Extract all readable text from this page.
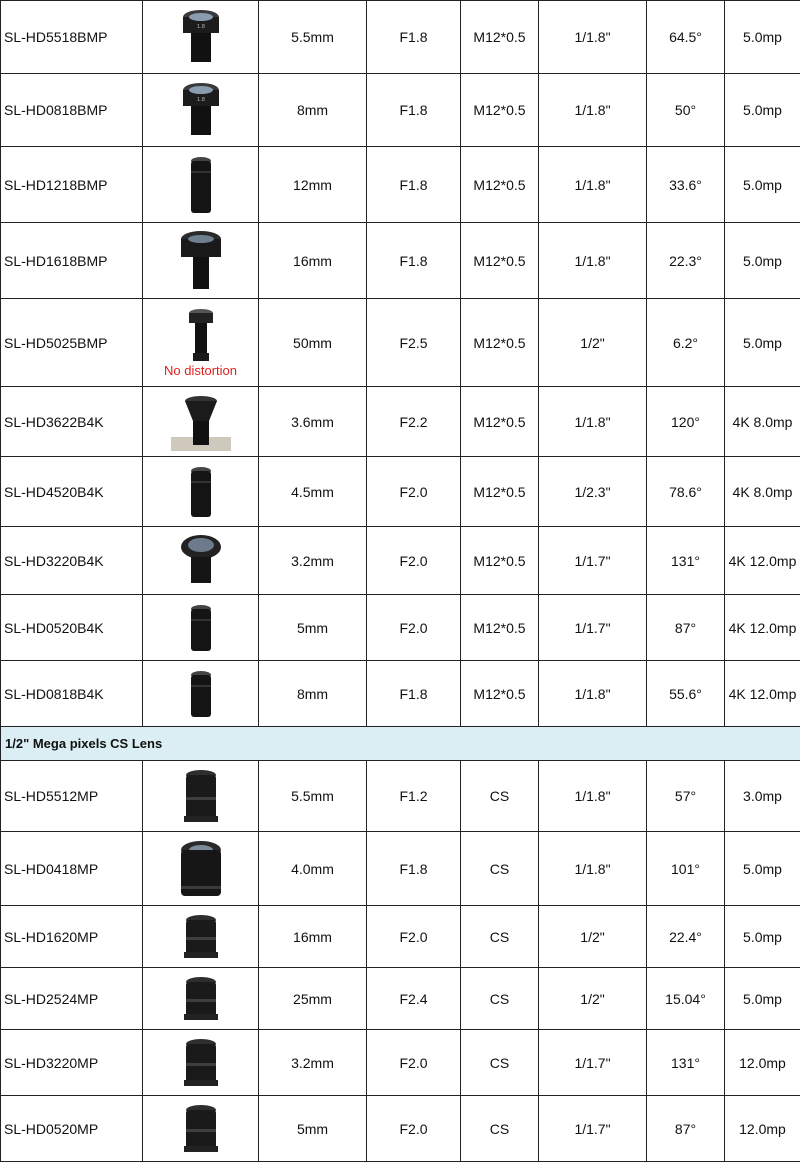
SL-HD5518BMP	1.8	5.5mm	F1.8	M12*0.5	1/1.8"	64.5°	5.0mp
SL-HD0818BMP	1.8	8mm	F1.8	M12*0.5	1/1.8"	50°	5.0mp
SL-HD1218BMP		12mm	F1.8	M12*0.5	1/1.8"	33.6°	5.0mp
SL-HD1618BMP		16mm	F1.8	M12*0.5	1/1.8"	22.3°	5.0mp
SL-HD5025BMP	No distortion	50mm	F2.5	M12*0.5	1/2"	6.2°	5.0mp
SL-HD3622B4K		3.6mm	F2.2	M12*0.5	1/1.8"	120°	4K 8.0mp
SL-HD4520B4K		4.5mm	F2.0	M12*0.5	1/2.3"	78.6°	4K 8.0mp
SL-HD3220B4K		3.2mm	F2.0	M12*0.5	1/1.7"	131°	4K 12.0mp
SL-HD0520B4K		5mm	F2.0	M12*0.5	1/1.7"	87°	4K 12.0mp
SL-HD0818B4K		8mm	F1.8	M12*0.5	1/1.8"	55.6°	4K 12.0mp
1/2" Mega pixels CS Lens							
SL-HD5512MP		5.5mm	F1.2	CS	1/1.8"	57°	3.0mp
SL-HD0418MP		4.0mm	F1.8	CS	1/1.8"	101°	5.0mp
SL-HD1620MP		16mm	F2.0	CS	1/2"	22.4°	5.0mp
SL-HD2524MP		25mm	F2.4	CS	1/2"	15.04°	5.0mp
SL-HD3220MP		3.2mm	F2.0	CS	1/1.7"	131°	12.0mp
SL-HD0520MP		5mm	F2.0	CS	1/1.7"	87°	12.0mp
